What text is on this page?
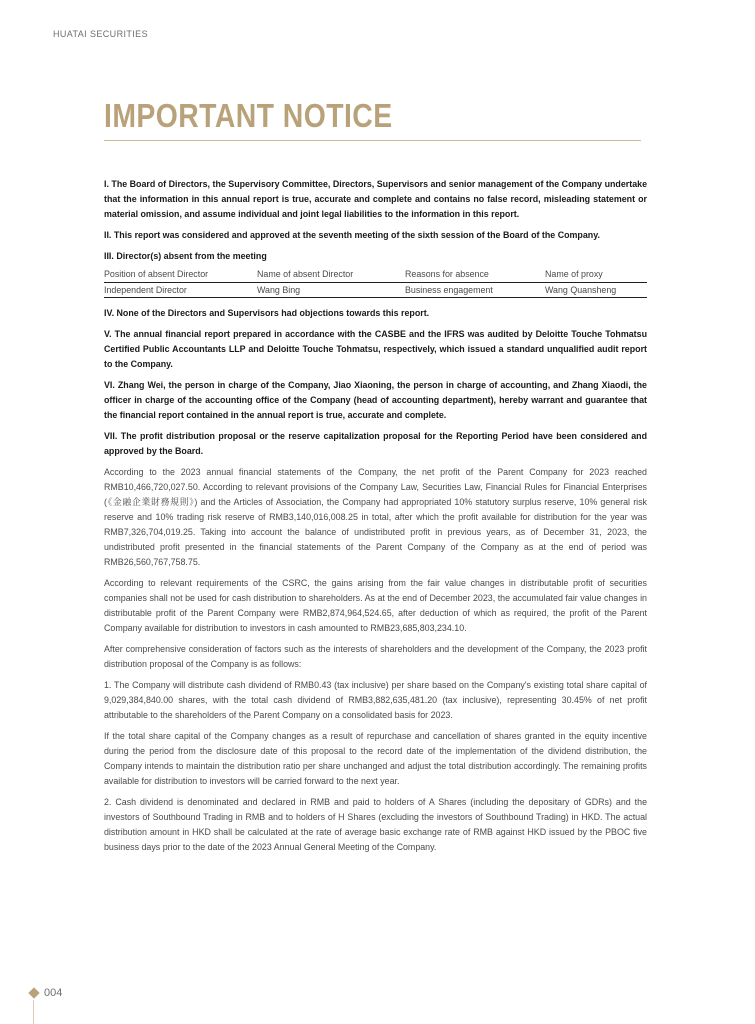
HUATAI SECURITIES
IMPORTANT NOTICE

I. The Board of Directors, the Supervisory Committee, Directors, Supervisors and senior management of the Company undertake that the information in this annual report is true, accurate and complete and contains no false record, misleading statement or material omission, and assume individual and joint legal liabilities to the information in this report.

II. This report was considered and approved at the seventh meeting of the sixth session of the Board of the Company.

III. Director(s) absent from the meeting

Position of absent Director	Name of absent Director	Reasons for absence	Name of proxy
Independent Director	Wang Bing	Business engagement	Wang Quansheng

IV. None of the Directors and Supervisors had objections towards this report.

V. The annual financial report prepared in accordance with the CASBE and the IFRS was audited by Deloitte Touche Tohmatsu Certified Public Accountants LLP and Deloitte Touche Tohmatsu, respectively, which issued a standard unqualified audit report to the Company.

VI. Zhang Wei, the person in charge of the Company, Jiao Xiaoning, the person in charge of accounting, and Zhang Xiaodi, the officer in charge of the accounting office of the Company (head of accounting department), hereby warrant and guarantee that the financial report contained in the annual report is true, accurate and complete.

VII. The profit distribution proposal or the reserve capitalization proposal for the Reporting Period have been considered and approved by the Board.

According to the 2023 annual financial statements of the Company, the net profit of the Parent Company for 2023 reached RMB10,466,720,027.50. According to relevant provisions of the Company Law, Securities Law, Financial Rules for Financial Enterprises (《金融企業財務規則》) and the Articles of Association, the Company had appropriated 10% statutory surplus reserve, 10% general risk reserve and 10% trading risk reserve of RMB3,140,016,008.25 in total, after which the profit available for distribution for the year was RMB7,326,704,019.25. Taking into account the balance of undistributed profit in previous years, as of December 31, 2023, the undistributed profit presented in the financial statements of the Parent Company of the Company as at the end of period was RMB26,560,767,758.75.

According to relevant requirements of the CSRC, the gains arising from the fair value changes in distributable profit of securities companies shall not be used for cash distribution to shareholders. As at the end of December 2023, the accumulated fair value changes in distributable profit of the Parent Company were RMB2,874,964,524.65, after deduction of which as required, the profit of the Parent Company available for distribution to investors in cash amounted to RMB23,685,803,234.10.

After comprehensive consideration of factors such as the interests of shareholders and the development of the Company, the 2023 profit distribution proposal of the Company is as follows:

1. The Company will distribute cash dividend of RMB0.43 (tax inclusive) per share based on the Company's existing total share capital of 9,029,384,840.00 shares, with the total cash dividend of RMB3,882,635,481.20 (tax inclusive), representing 30.45% of net profit attributable to the shareholders of the Parent Company on a consolidated basis for 2023.

If the total share capital of the Company changes as a result of repurchase and cancellation of shares granted in the equity incentive during the period from the disclosure date of this proposal to the record date of the implementation of the dividend distribution, the Company intends to maintain the distribution ratio per share unchanged and adjust the total distribution accordingly. The remaining profits available for distribution to investors will be carried forward to the next year.

2. Cash dividend is denominated and declared in RMB and paid to holders of A Shares (including the depositary of GDRs) and the investors of Southbound Trading in RMB and to holders of H Shares (excluding the investors of Southbound Trading) in HKD. The actual distribution amount in HKD shall be calculated at the rate of average basic exchange rate of RMB against HKD issued by the PBOC five business days prior to the date of the 2023 Annual General Meeting of the Company.

004
